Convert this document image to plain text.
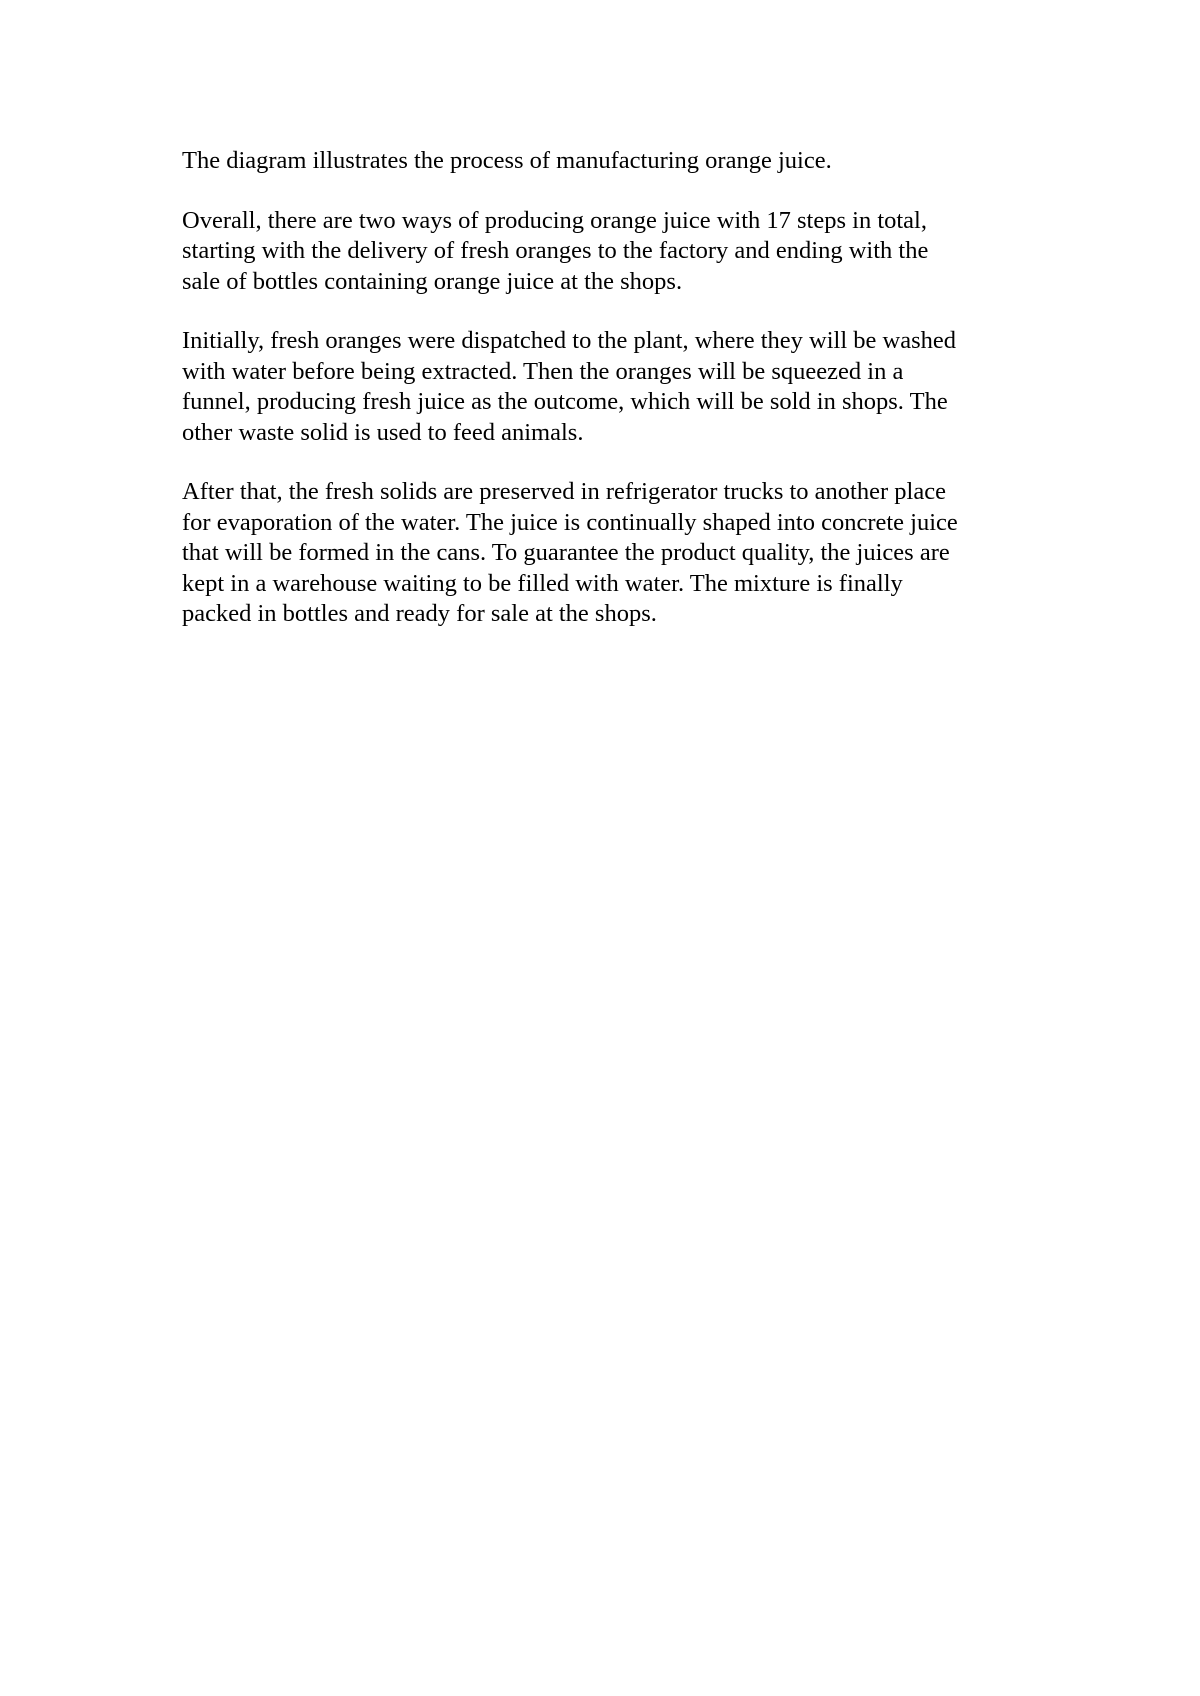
The diagram illustrates the process of manufacturing orange juice.

Overall, there are two ways of producing orange juice with 17 steps in total,
starting with the delivery of fresh oranges to the factory and ending with the
sale of bottles containing orange juice at the shops.

Initially, fresh oranges were dispatched to the plant, where they will be washed
with water before being extracted. Then the oranges will be squeezed in a
funnel, producing fresh juice as the outcome, which will be sold in shops. The
other waste solid is used to feed animals.

After that, the fresh solids are preserved in refrigerator trucks to another place
for evaporation of the water. The juice is continually shaped into concrete juice
that will be formed in the cans. To guarantee the product quality, the juices are
kept in a warehouse waiting to be filled with water. The mixture is finally
packed in bottles and ready for sale at the shops.
